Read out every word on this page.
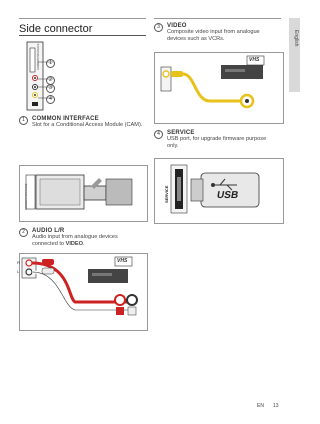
Side connector
English
COMMON INTERFACE	1
2
3
4
1	COMMON INTERFACE
Slot for a Conditional Access Module (CAM).
COMMON INTERFACE
2	AUDIO L/R
Audio input from analogue devices connected to VIDEO.
R
L
VHS
3	VIDEO
Composite video input from analogue devices such as VCRs.
VHS
4	SERVICE
USB port, for upgrade firmware purpose only.
SERVICE	USB
EN 13
